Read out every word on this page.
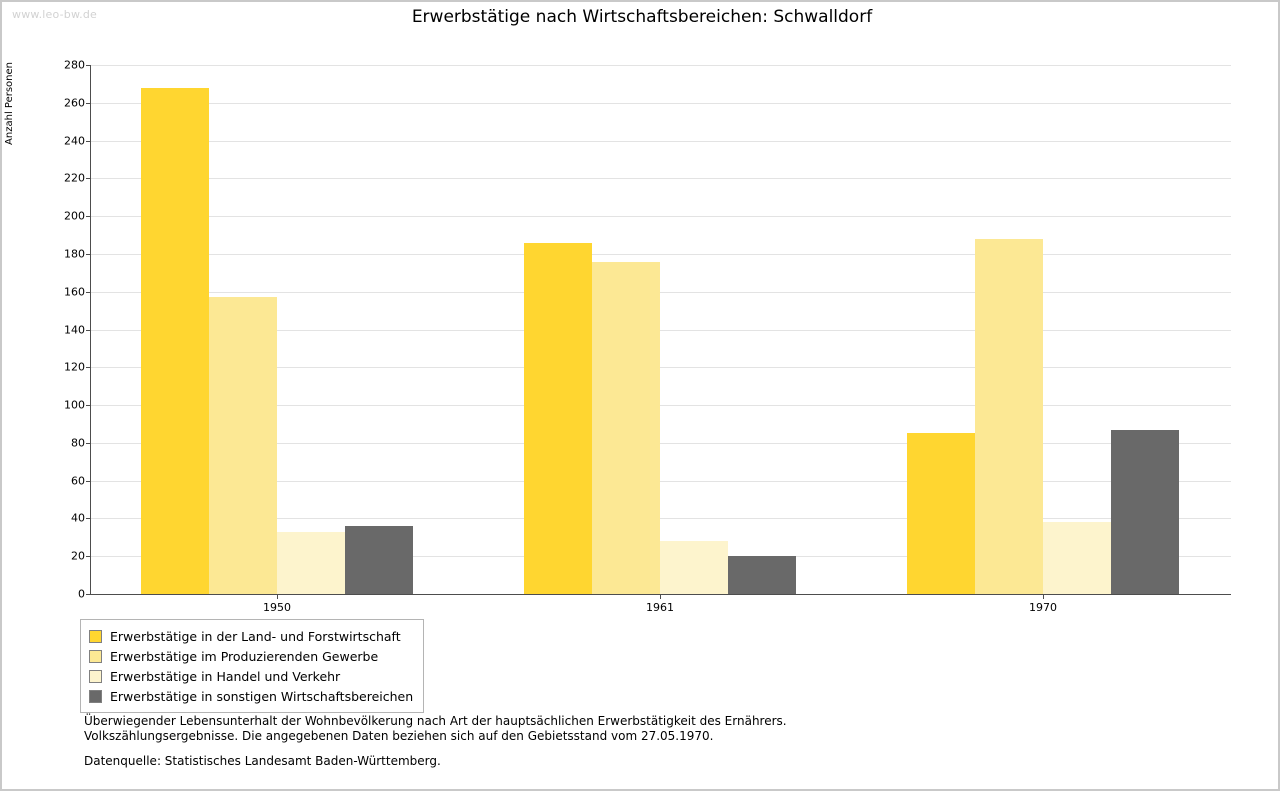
www.leo-bw.de	Erwerbstätige nach Wirtschaftsbereichen: Schwalldorf
Anzahl Personen
0
20
40
60
80
100
120
140
160
180
200
220
240
260
280
1950	1961	1970
Erwerbstätige in der Land- und Forstwirtschaft
Erwerbstätige im Produzierenden Gewerbe
Erwerbstätige in Handel und Verkehr
Erwerbstätige in sonstigen Wirtschaftsbereichen
Überwiegender Lebensunterhalt der Wohnbevölkerung nach Art der hauptsächlichen Erwerbstätigkeit des Ernährers.
Volkszählungsergebnisse. Die angegebenen Daten beziehen sich auf den Gebietsstand vom 27.05.1970.
Datenquelle: Statistisches Landesamt Baden-Württemberg.
